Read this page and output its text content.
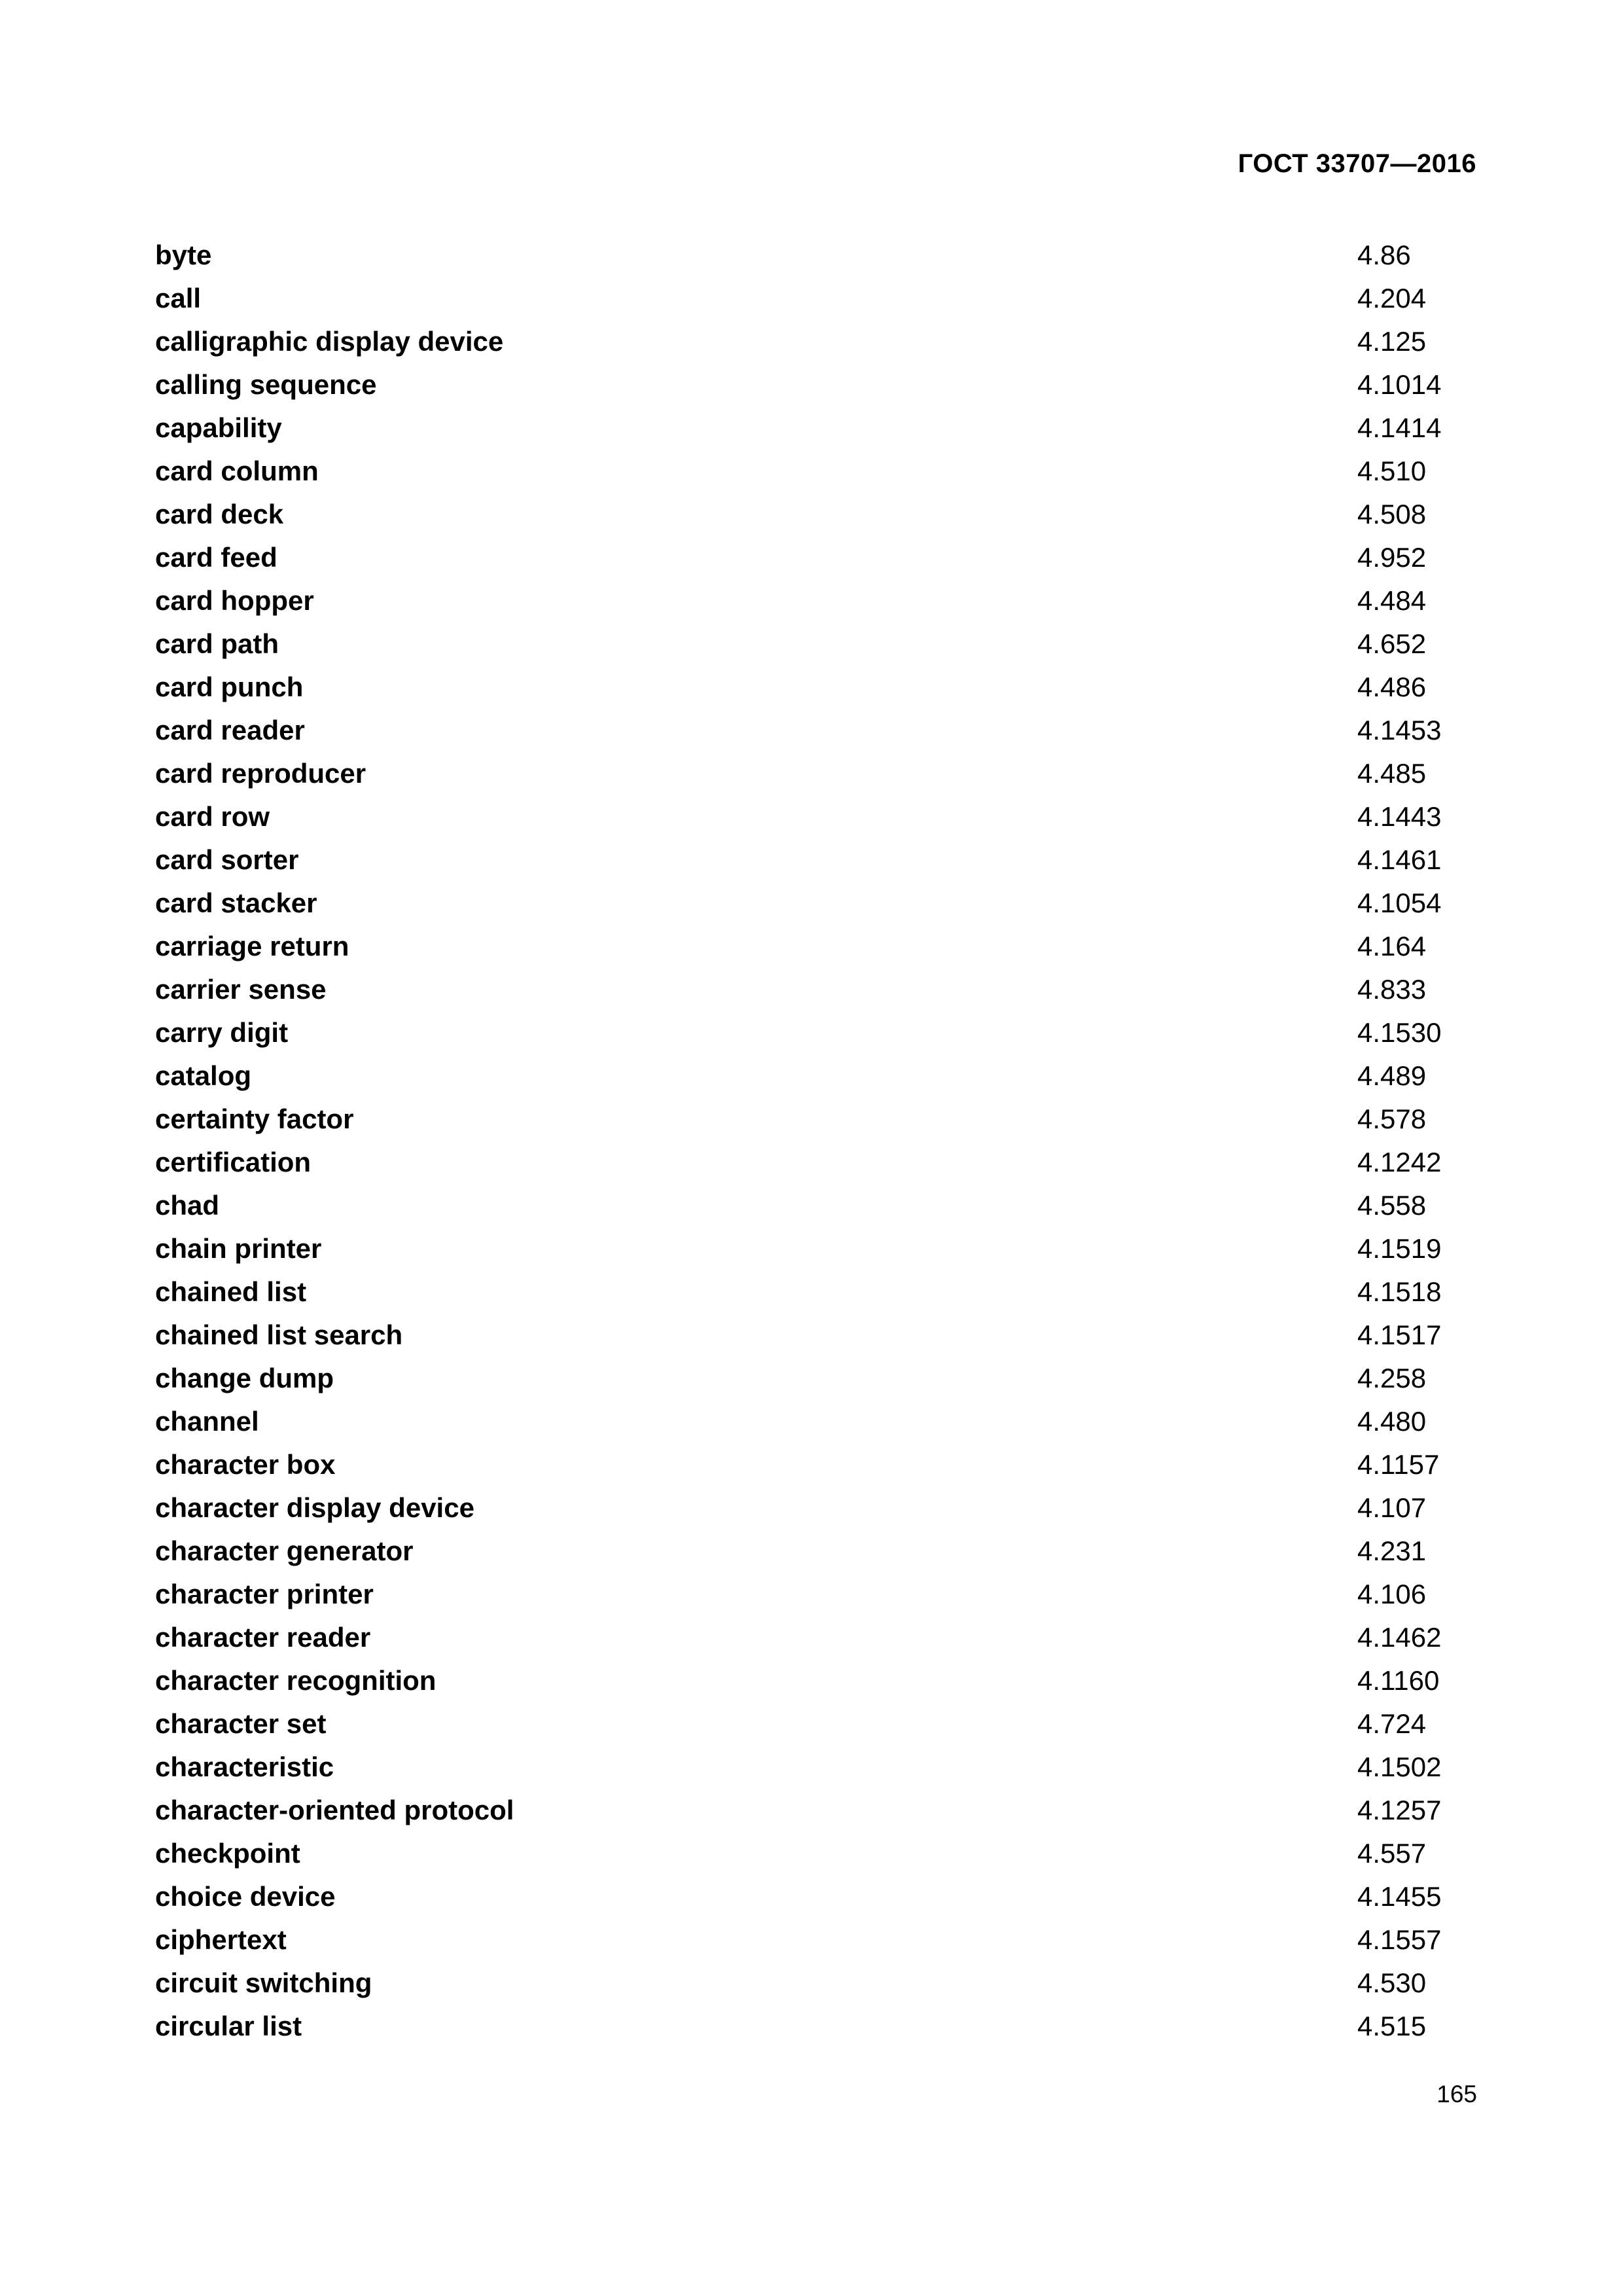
ГОСТ 33707—2016
byte	4.86
call	4.204
calligraphic display device	4.125
calling sequence	4.1014
capability	4.1414
card column	4.510
card deck	4.508
card feed	4.952
card hopper	4.484
card path	4.652
card punch	4.486
card reader	4.1453
card reproducer	4.485
card row	4.1443
card sorter	4.1461
card stacker	4.1054
carriage return	4.164
carrier sense	4.833
carry digit	4.1530
catalog	4.489
certainty factor	4.578
certification	4.1242
chad	4.558
chain printer	4.1519
chained list	4.1518
chained list search	4.1517
change dump	4.258
channel	4.480
character box	4.1157
character display device	4.107
character generator	4.231
character printer	4.106
character reader	4.1462
character recognition	4.1160
character set	4.724
characteristic	4.1502
character-oriented protocol	4.1257
checkpoint	4.557
choice device	4.1455
ciphertext	4.1557
circuit switching	4.530
circular list	4.515
165
